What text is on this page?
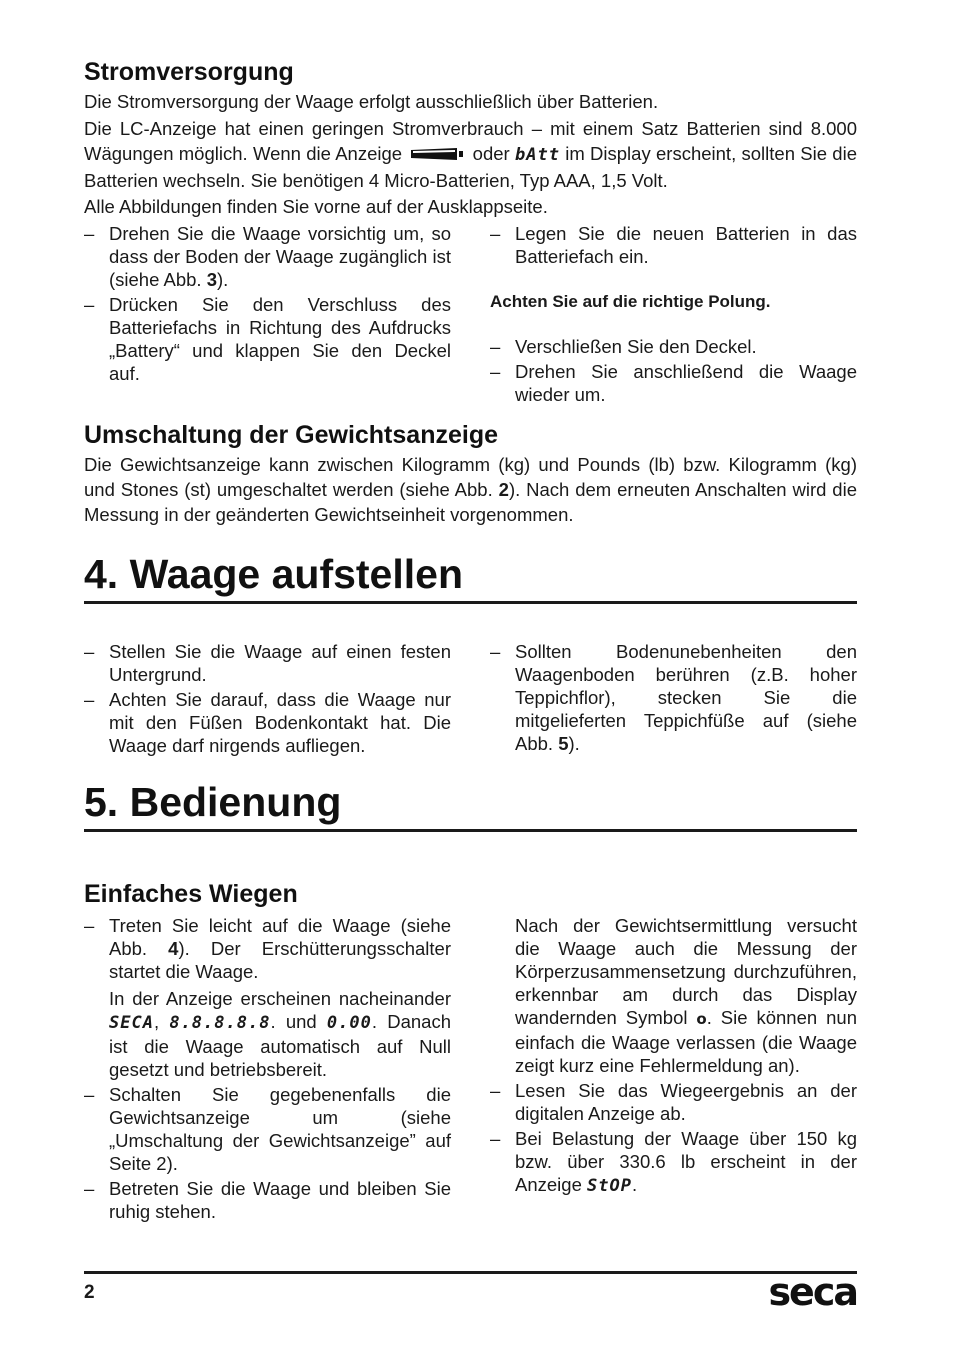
Stromversorgung

Die Stromversorgung der Waage erfolgt ausschließlich über Batterien.

Die LC-Anzeige hat einen geringen Stromverbrauch – mit einem Satz Batterien sind 8.000 Wägungen möglich. Wenn die Anzeige	oder bAtt im Display erscheint, sollten Sie die Batterien wechseln. Sie benötigen 4 Micro-Batterien, Typ AAA, 1,5 Volt.

Alle Abbildungen finden Sie vorne auf der Ausklappseite.

– Drehen Sie die Waage vorsichtig um, so dass der Boden der Waage zugänglich ist (siehe Abb. 3).
– Drücken Sie den Verschluss des Batteriefachs in Richtung des Aufdrucks „Battery“ und klappen Sie den Deckel auf.
– Legen Sie die neuen Batterien in das Batteriefach ein.
Achten Sie auf die richtige Polung.
– Verschließen Sie den Deckel.
– Drehen Sie anschließend die Waage wieder um.
Umschaltung der Gewichtsanzeige

Die Gewichtsanzeige kann zwischen Kilogramm (kg) und Pounds (lb) bzw. Kilogramm (kg) und Stones (st) umgeschaltet werden (siehe Abb. 2). Nach dem erneuten Anschalten wird die Messung in der geänderten Gewichtseinheit vorgenommen.

4. Waage aufstellen
– Stellen Sie die Waage auf einen festen Untergrund.
– Achten Sie darauf, dass die Waage nur mit den Füßen Bodenkontakt hat. Die Waage darf nirgends aufliegen.
– Sollten Bodenunebenheiten den Waagenboden berühren (z.B. hoher Teppichflor), stecken Sie die mitgelieferten Teppichfüße auf (siehe Abb. 5).
5. Bedienung
Einfaches Wiegen
– Treten Sie leicht auf die Waage (siehe Abb. 4). Der Erschütterungsschalter startet die Waage.
In der Anzeige erscheinen nacheinander SECA, 8.8.8.8.8. und 0.00. Danach ist die Waage automatisch auf Null gesetzt und betriebsbereit.
– Schalten Sie gegebenenfalls die Gewichtsanzeige um (siehe „Umschaltung der Gewichtsanzeige” auf Seite 2).
– Betreten Sie die Waage und bleiben Sie ruhig stehen.
Nach der Gewichtsermittlung versucht die Waage auch die Messung der Körperzusammensetzung durchzuführen, erkennbar am durch das Display wandernden Symbol o. Sie können nun einfach die Waage verlassen (die Waage zeigt kurz eine Fehlermeldung an).
– Lesen Sie das Wiegeergebnis an der digitalen Anzeige ab.
– Bei Belastung der Waage über 150 kg bzw. über 330.6 lb erscheint in der Anzeige StOP.
2	seca
